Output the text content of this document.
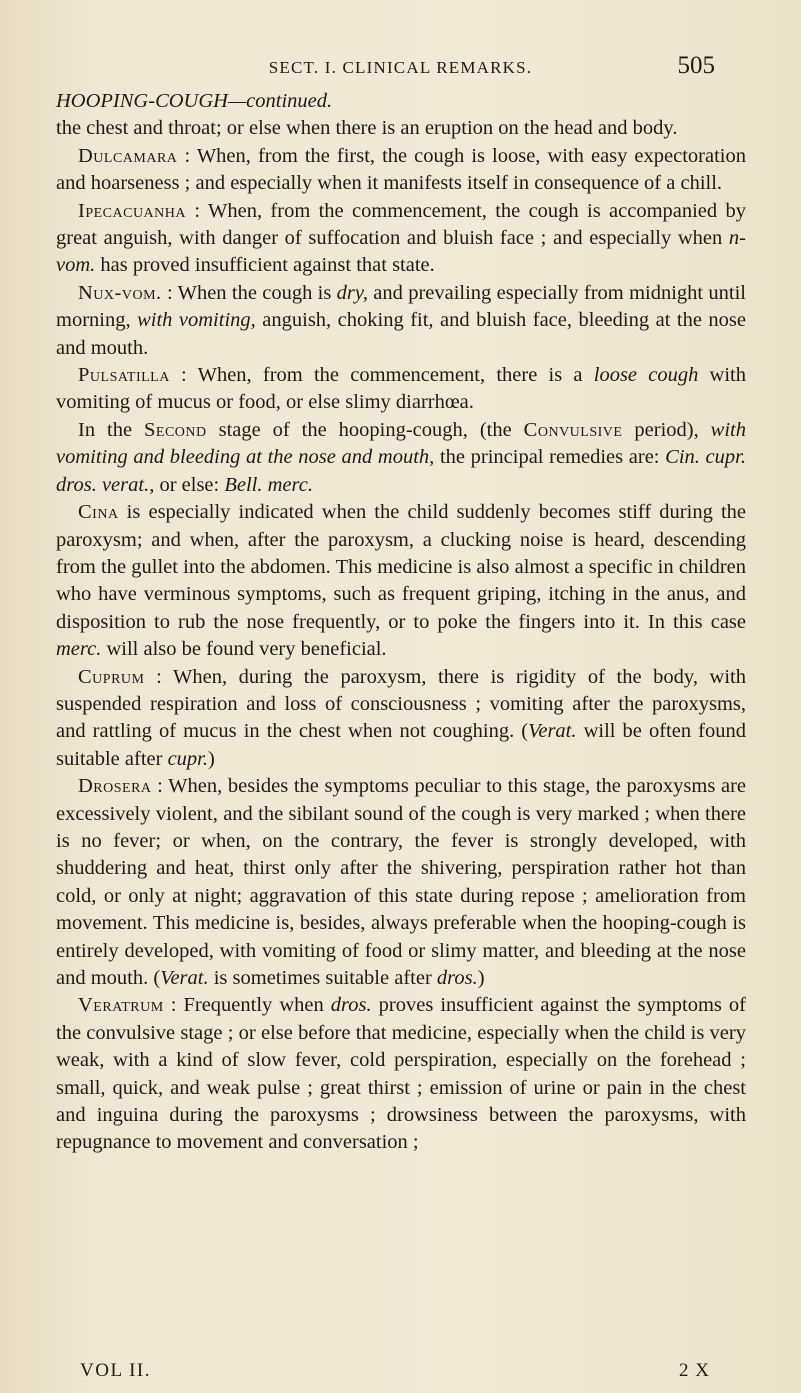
SECT. I. CLINICAL REMARKS.	505

HOOPING-COUGH—continued.

the chest and throat; or else when there is an eruption on the head and body.

Dulcamara : When, from the first, the cough is loose, with easy expectoration and hoarseness ; and especially when it manifests itself in consequence of a chill.

Ipecacuanha : When, from the commencement, the cough is accompanied by great anguish, with danger of suffocation and bluish face ; and especially when n-vom. has proved insufficient against that state.

Nux-vom. : When the cough is dry, and prevailing especially from midnight until morning, with vomiting, anguish, choking fit, and bluish face, bleeding at the nose and mouth.

Pulsatilla : When, from the commencement, there is a loose cough with vomiting of mucus or food, or else slimy diarrhœa.

In the Second stage of the hooping-cough, (the Convulsive period), with vomiting and bleeding at the nose and mouth, the principal remedies are: Cin. cupr. dros. verat., or else: Bell. merc.

Cina is especially indicated when the child suddenly becomes stiff during the paroxysm; and when, after the paroxysm, a clucking noise is heard, descending from the gullet into the abdomen. This medicine is also almost a specific in children who have verminous symptoms, such as frequent griping, itching in the anus, and disposition to rub the nose frequently, or to poke the fingers into it. In this case merc. will also be found very beneficial.

Cuprum : When, during the paroxysm, there is rigidity of the body, with suspended respiration and loss of consciousness ; vomiting after the paroxysms, and rattling of mucus in the chest when not coughing. (Verat. will be often found suitable after cupr.)

Drosera : When, besides the symptoms peculiar to this stage, the paroxysms are excessively violent, and the sibilant sound of the cough is very marked ; when there is no fever; or when, on the contrary, the fever is strongly developed, with shuddering and heat, thirst only after the shivering, perspiration rather hot than cold, or only at night; aggravation of this state during repose ; amelioration from movement. This medicine is, besides, always preferable when the hooping-cough is entirely developed, with vomiting of food or slimy matter, and bleeding at the nose and mouth. (Verat. is sometimes suitable after dros.)

Veratrum : Frequently when dros. proves insufficient against the symptoms of the convulsive stage ; or else before that medicine, especially when the child is very weak, with a kind of slow fever, cold perspiration, especially on the forehead ; small, quick, and weak pulse ; great thirst ; emission of urine or pain in the chest and inguina during the paroxysms ; drowsiness between the paroxysms, with repugnance to movement and conversation ;

VOL II.	2 X
